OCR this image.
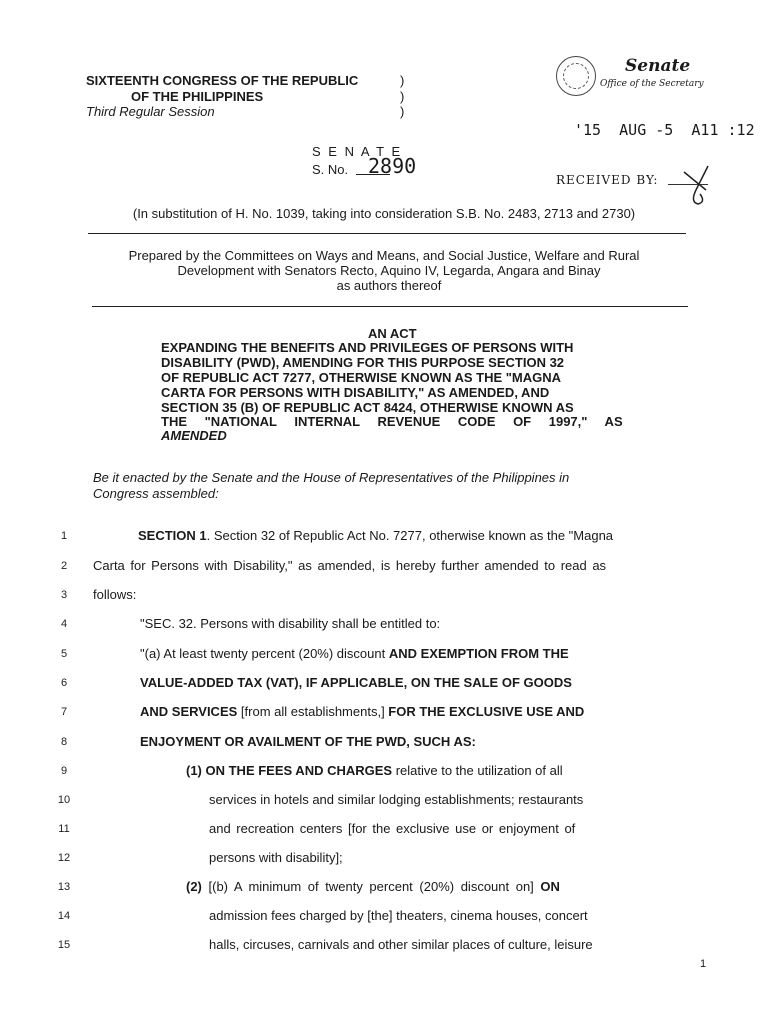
SIXTEENTH CONGRESS OF THE REPUBLIC
OF THE PHILIPPINES
Third Regular Session
)
)
)
Senate
Office of the Secretary
'15  AUG -5  A11 :12
RECEIVED BY:
S E N A T E
S. No. 2890
(In substitution of H. No. 1039, taking into consideration S.B. No. 2483, 2713 and 2730)
Prepared by the Committees on Ways and Means, and Social Justice, Welfare and Rural
Development with Senators Recto, Aquino IV, Legarda, Angara and Binay
as authors thereof
AN ACT
EXPANDING THE BENEFITS AND PRIVILEGES OF PERSONS WITH
DISABILITY (PWD), AMENDING FOR THIS PURPOSE SECTION 32
OF REPUBLIC ACT 7277, OTHERWISE KNOWN AS THE "MAGNA
CARTA FOR PERSONS WITH DISABILITY," AS AMENDED, AND
SECTION 35 (B) OF REPUBLIC ACT 8424, OTHERWISE KNOWN AS
THE "NATIONAL INTERNAL REVENUE CODE OF 1997," AS
AMENDED
Be it enacted by the Senate and the House of Representatives of the Philippines in
Congress assembled:
1
2
3
4
5
6
7
8
9
10
11
12
13
14
15
SECTION 1. Section 32 of Republic Act No. 7277, otherwise known as the "Magna
Carta for Persons with Disability," as amended, is hereby further amended to read as
follows:
"SEC. 32. Persons with disability shall be entitled to:
"(a) At least twenty percent (20%) discount AND EXEMPTION FROM THE
VALUE-ADDED TAX (VAT), IF APPLICABLE, ON THE SALE OF GOODS
AND SERVICES [from all establishments,] FOR THE EXCLUSIVE USE AND
ENJOYMENT OR AVAILMENT OF THE PWD, SUCH AS:
(1) ON THE FEES AND CHARGES relative to the utilization of all
services in hotels and similar lodging establishments; restaurants
and recreation centers [for the exclusive use or enjoyment of
persons with disability];
(2) [(b) A minimum of twenty percent (20%) discount on] ON
admission fees charged by [the] theaters, cinema houses, concert
halls, circuses, carnivals and other similar places of culture, leisure
1
